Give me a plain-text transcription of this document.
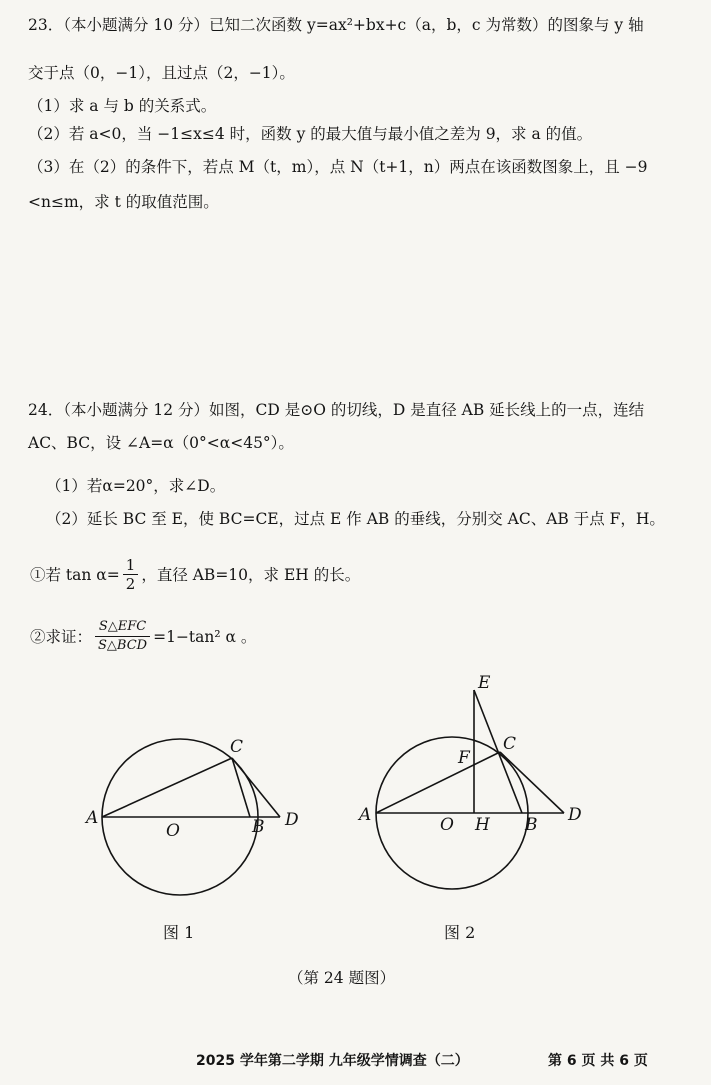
23．（本小题满分 10 分）已知二次函数 y=ax²+bx+c（a，b，c 为常数）的图象与 y 轴
交于点（0，−1），且过点（2，−1）。
（1）求 a 与 b 的关系式。
（2）若 a<0，当 −1≤x≤4 时，函数 y 的最大值与最小值之差为 9，求 a 的值。
（3）在（2）的条件下，若点 M（t，m），点 N（t+1，n）两点在该函数图象上，且 −9
<n≤m，求 t 的取值范围。
24．（本小题满分 12 分）如图，CD 是⊙O 的切线，D 是直径 AB 延长线上的一点，连结
AC、BC，设 ∠A=α（0°<α<45°）。
（1）若α=20°，求∠D。
（2）延长 BC 至 E，使 BC=CE，过点 E 作 AB 的垂线，分别交 AC、AB 于点 F，H。
①若 $\tan \alpha= \frac{1}{2}$ ，直径 AB=10，求 EH 的长。
②求证： $\frac{\text{S△EFC}}{\text{S△BCD}} =1-\tan^2$ α 。
A
O	B
C
D
E
F
C
A	O H B D
图 1	图 2
（第 24 题图）
2025 学年第二学期 九年级学情调查（二）	第 6 页 共 6 页
